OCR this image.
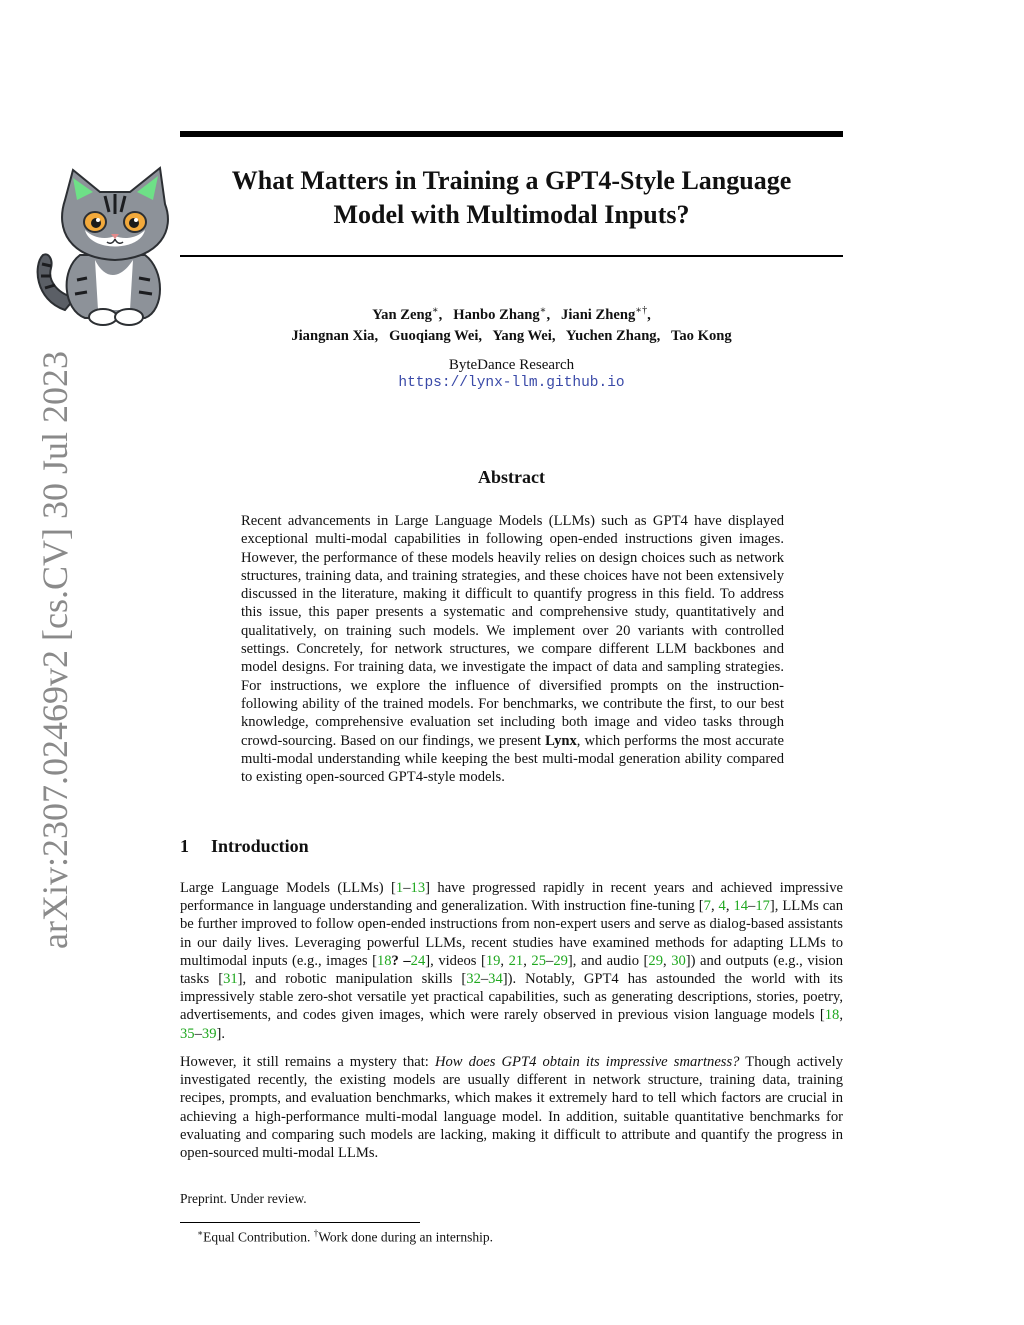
arXiv:2307.02469v2 [cs.CV] 30 Jul 2023
What Matters in Training a GPT4-Style Language
Model with Multimodal Inputs?
Yan Zeng∗,   Hanbo Zhang∗,   Jiani Zheng∗†,
Jiangnan Xia,   Guoqiang Wei,   Yang Wei,   Yuchen Zhang,   Tao Kong
ByteDance Research
https://lynx-llm.github.io
Abstract
Recent advancements in Large Language Models (LLMs) such as GPT4 have displayed exceptional multi-modal capabilities in following open-ended instructions given images. However, the performance of these models heavily relies on design choices such as network structures, training data, and training strategies, and these choices have not been extensively discussed in the literature, making it difficult to quantify progress in this field. To address this issue, this paper presents a systematic and comprehensive study, quantitatively and qualitatively, on training such models. We implement over 20 variants with controlled settings. Concretely, for network structures, we compare different LLM backbones and model designs. For training data, we investigate the impact of data and sampling strategies. For instructions, we explore the influence of diversified prompts on the instruction-following ability of the trained models. For benchmarks, we contribute the first, to our best knowledge, comprehensive evaluation set including both image and video tasks through crowd-sourcing. Based on our findings, we present Lynx, which performs the most accurate multi-modal understanding while keeping the best multi-modal generation ability compared to existing open-sourced GPT4-style models.
1 Introduction
Large Language Models (LLMs) [1–13] have progressed rapidly in recent years and achieved impressive performance in language understanding and generalization. With instruction fine-tuning [7, 4, 14–17], LLMs can be further improved to follow open-ended instructions from non-expert users and serve as dialog-based assistants in our daily lives. Leveraging powerful LLMs, recent studies have examined methods for adapting LLMs to multimodal inputs (e.g., images [18? –24], videos [19, 21, 25–29], and audio [29, 30]) and outputs (e.g., vision tasks [31], and robotic manipulation skills [32–34]). Notably, GPT4 has astounded the world with its impressively stable zero-shot versatile yet practical capabilities, such as generating descriptions, stories, poetry, advertisements, and codes given images, which were rarely observed in previous vision language models [18, 35–39].
However, it still remains a mystery that: How does GPT4 obtain its impressive smartness? Though actively investigated recently, the existing models are usually different in network structure, training data, training recipes, prompts, and evaluation benchmarks, which makes it extremely hard to tell which factors are crucial in achieving a high-performance multi-modal language model. In addition, suitable quantitative benchmarks for evaluating and comparing such models are lacking, making it difficult to attribute and quantify the progress in open-sourced multi-modal LLMs.
Preprint. Under review.
∗Equal Contribution. †Work done during an internship.
